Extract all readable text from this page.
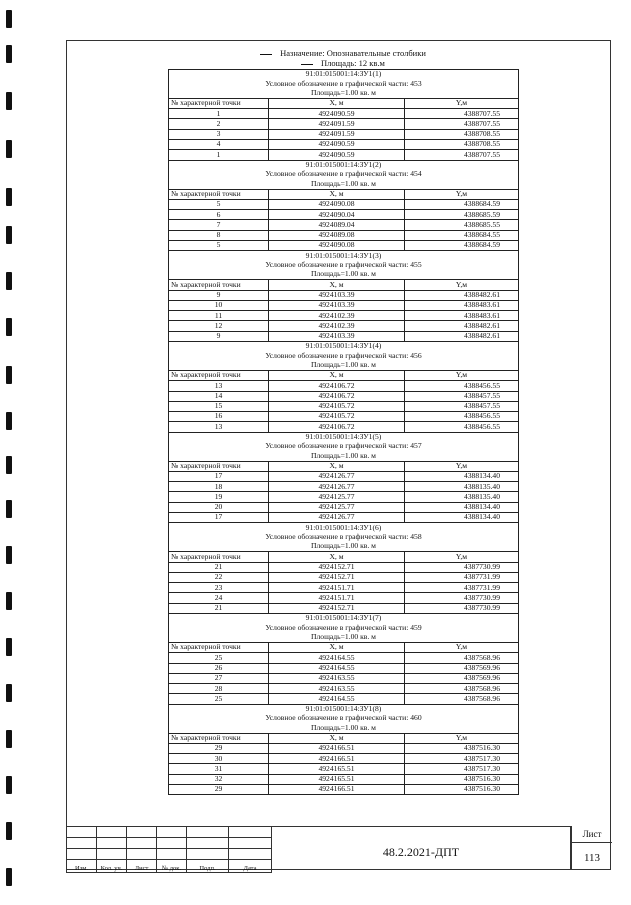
Назначение: Опознавательные столбики
Площадь: 12 кв.м
91:01:015001:14:ЗУ1(1)		
Условное обозначение в графической части: 453		
Площадь=1.00 кв. м		
№ характерной точки	X, м	Y,м
1	4924090.59	4388707.55
2	4924091.59	4388707.55
3	4924091.59	4388708.55
4	4924090.59	4388708.55
1	4924090.59	4388707.55
91:01:015001:14:ЗУ1(2)		
Условное обозначение в графической части: 454		
Площадь=1.00 кв. м		
№ характерной точки	X, м	Y,м
5	4924090.08	4388684.59
6	4924090.04	4388685.59
7	4924089.04	4388685.55
8	4924089.08	4388684.55
5	4924090.08	4388684.59
91:01:015001:14:ЗУ1(3)		
Условное обозначение в графической части: 455		
Площадь=1.00 кв. м		
№ характерной точки	X, м	Y,м
9	4924103.39	4388482.61
10	4924103.39	4388483.61
11	4924102.39	4388483.61
12	4924102.39	4388482.61
9	4924103.39	4388482.61
91:01:015001:14:ЗУ1(4)		
Условное обозначение в графической части: 456		
Площадь=1.00 кв. м		
№ характерной точки	X, м	Y,м
13	4924106.72	4388456.55
14	4924106.72	4388457.55
15	4924105.72	4388457.55
16	4924105.72	4388456.55
13	4924106.72	4388456.55
91:01:015001:14:ЗУ1(5)		
Условное обозначение в графической части: 457		
Площадь=1.00 кв. м		
№ характерной точки	X, м	Y,м
17	4924126.77	4388134.40
18	4924126.77	4388135.40
19	4924125.77	4388135.40
20	4924125.77	4388134.40
17	4924126.77	4388134.40
91:01:015001:14:ЗУ1(6)		
Условное обозначение в графической части: 458		
Площадь=1.00 кв. м		
№ характерной точки	X, м	Y,м
21	4924152.71	4387730.99
22	4924152.71	4387731.99
23	4924151.71	4387731.99
24	4924151.71	4387730.99
21	4924152.71	4387730.99
91:01:015001:14:ЗУ1(7)		
Условное обозначение в графической части: 459		
Площадь=1.00 кв. м		
№ характерной точки	X, м	Y,м
25	4924164.55	4387568.96
26	4924164.55	4387569.96
27	4924163.55	4387569.96
28	4924163.55	4387568.96
25	4924164.55	4387568.96
91:01:015001:14:ЗУ1(8)		
Условное обозначение в графической части: 460		
Площадь=1.00 кв. м		
№ характерной точки	X, м	Y,м
29	4924166.51	4387516.30
30	4924166.51	4387517.30
31	4924165.51	4387517.30
32	4924165.51	4387516.30
29	4924166.51	4387516.30

Изм.	Кол. уч.	Лист	№ док.	Подп.	Дата
48.2.2021-ДПТ
Лист
113
